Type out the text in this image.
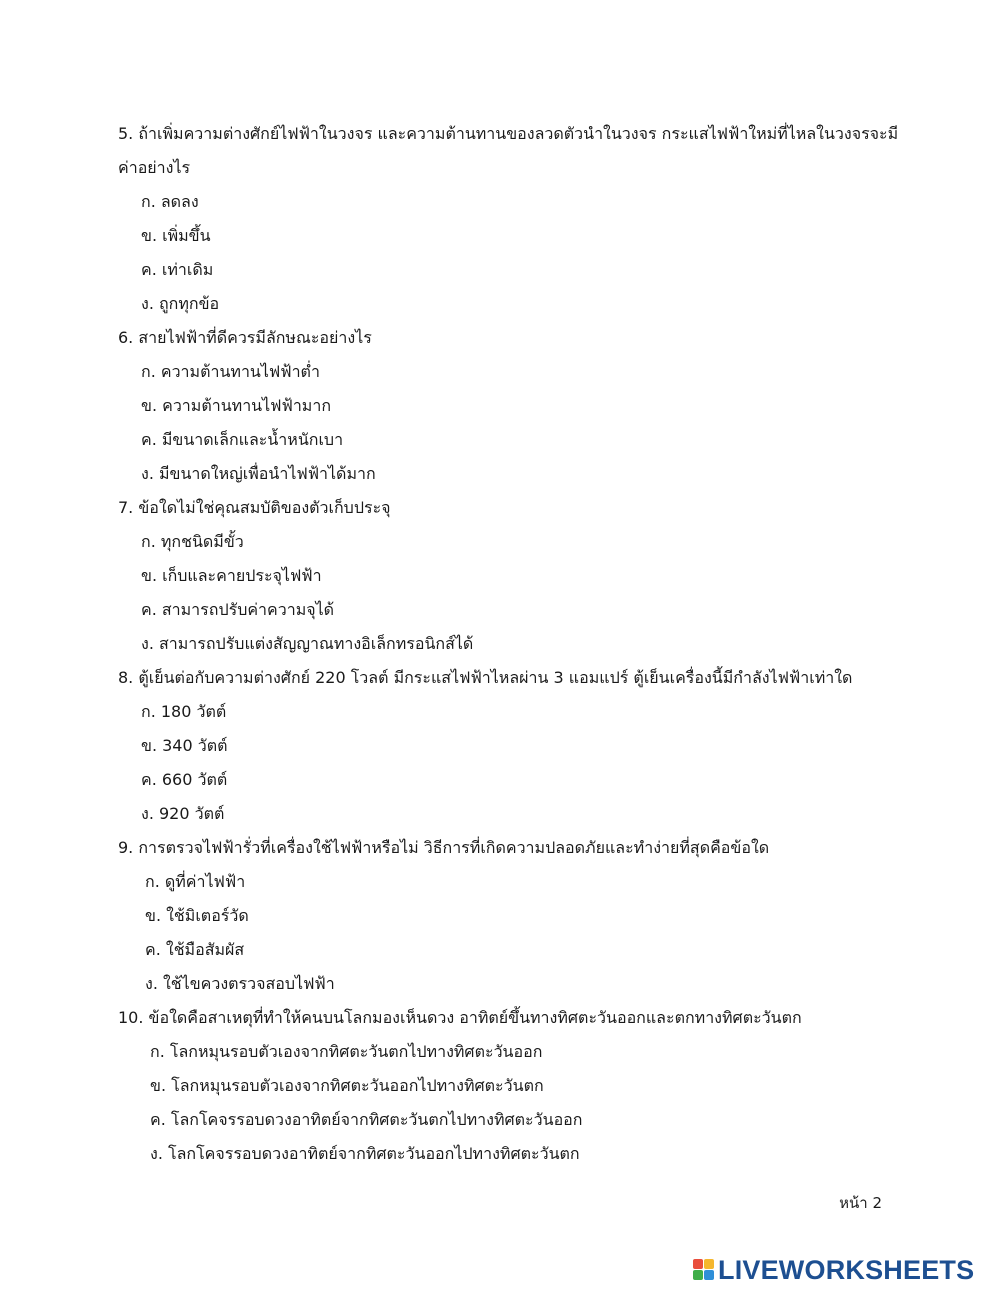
5. ถ้าเพิ่มความต่างศักย์ไฟฟ้าในวงจร และความต้านทานของลวดตัวนำในวงจร กระแสไฟฟ้าใหม่ที่ไหลในวงจรจะมี
ค่าอย่างไร
ก. ลดลง
ข. เพิ่มขึ้น
ค. เท่าเดิม
ง. ถูกทุกข้อ
6. สายไฟฟ้าที่ดีควรมีลักษณะอย่างไร
ก. ความต้านทานไฟฟ้าต่ำ
ข. ความต้านทานไฟฟ้ามาก
ค. มีขนาดเล็กและน้ำหนักเบา
ง. มีขนาดใหญ่เพื่อนำไฟฟ้าได้มาก
7. ข้อใดไม่ใช่คุณสมบัติของตัวเก็บประจุ
ก. ทุกชนิดมีขั้ว
ข. เก็บและคายประจุไฟฟ้า
ค. สามารถปรับค่าความจุได้
ง. สามารถปรับแต่งสัญญาณทางอิเล็กทรอนิกส์ได้
8. ตู้เย็นต่อกับความต่างศักย์ 220 โวลต์ มีกระแสไฟฟ้าไหลผ่าน 3 แอมแปร์ ตู้เย็นเครื่องนี้มีกำลังไฟฟ้าเท่าใด
ก. 180 วัตต์
ข. 340 วัตต์
ค. 660 วัตต์
ง. 920 วัตต์
9. การตรวจไฟฟ้ารั่วที่เครื่องใช้ไฟฟ้าหรือไม่ วิธีการที่เกิดความปลอดภัยและทำง่ายที่สุดคือข้อใด
ก. ดูที่ค่าไฟฟ้า
ข. ใช้มิเตอร์วัด
ค. ใช้มือสัมผัส
ง. ใช้ไขควงตรวจสอบไฟฟ้า
10. ข้อใดคือสาเหตุที่ทำให้คนบนโลกมองเห็นดวง อาทิตย์ขึ้นทางทิศตะวันออกและตกทางทิศตะวันตก
ก. โลกหมุนรอบตัวเองจากทิศตะวันตกไปทางทิศตะวันออก
ข. โลกหมุนรอบตัวเองจากทิศตะวันออกไปทางทิศตะวันตก
ค. โลกโคจรรอบดวงอาทิตย์จากทิศตะวันตกไปทางทิศตะวันออก
ง. โลกโคจรรอบดวงอาทิตย์จากทิศตะวันออกไปทางทิศตะวันตก
หน้า 2
LIVEWORKSHEETS
